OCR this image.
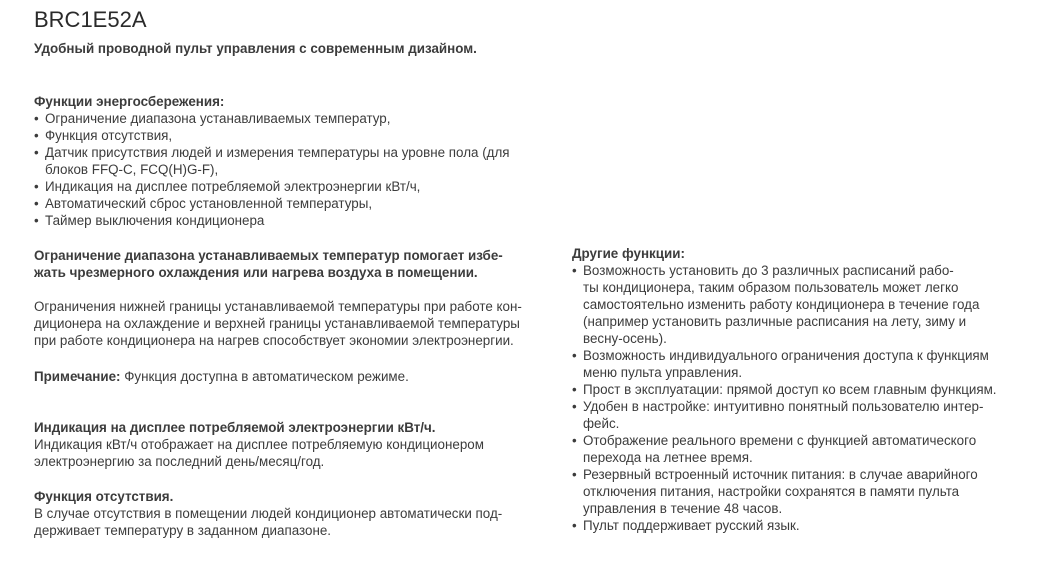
BRC1E52A

Удобный проводной пульт управления с современным дизайном.

Функции энергосбережения:
• Ограничение диапазона устанавливаемых температур,
• Функция отсутствия,
• Датчик присутствия людей и измерения температуры на уровне пола (для блоков FFQ-C, FCQ(H)G-F),
• Индикация на дисплее потребляемой электроэнергии кВт/ч,
• Автоматический сброс установленной температуры,
• Таймер выключения кондиционера
Ограничение диапазона устанавливаемых температур помогает избе-
жать чрезмерного охлаждения или нагрева воздуха в помещении.
Ограничения нижней границы устанавливаемой температуры при работе кон-
диционера на охлаждение и верхней границы устанавливаемой температуры
при работе кондиционера на нагрев способствует экономии электроэнергии.

Примечание: Функция доступна в автоматическом режиме.

Индикация на дисплее потребляемой электроэнергии кВт/ч.
Индикация кВт/ч отображает на дисплее потребляемую кондиционером
электроэнергию за последний день/месяц/год.
Функция отсутствия.
В случае отсутствия в помещении людей кондиционер автоматически под-
держивает температуру в заданном диапазоне.
Другие функции:
• Возможность установить до 3 различных расписаний рабо-
ты кондиционера, таким образом пользователь может легко
самостоятельно изменить работу кондиционера в течение года
(например установить различные расписания на лету, зиму и
весну-осень).
• Возможность индивидуального ограничения доступа к функциям
меню пульта управления.
• Прост в эксплуатации: прямой доступ ко всем главным функциям.
• Удобен в настройке: интуитивно понятный пользователю интер-
фейс.
• Отображение реального времени с функцией автоматического
перехода на летнее время.
• Резервный встроенный источник питания: в случае аварийного
отключения питания, настройки сохранятся в памяти пульта
управления в течение 48 часов.
• Пульт поддерживает русский язык.
